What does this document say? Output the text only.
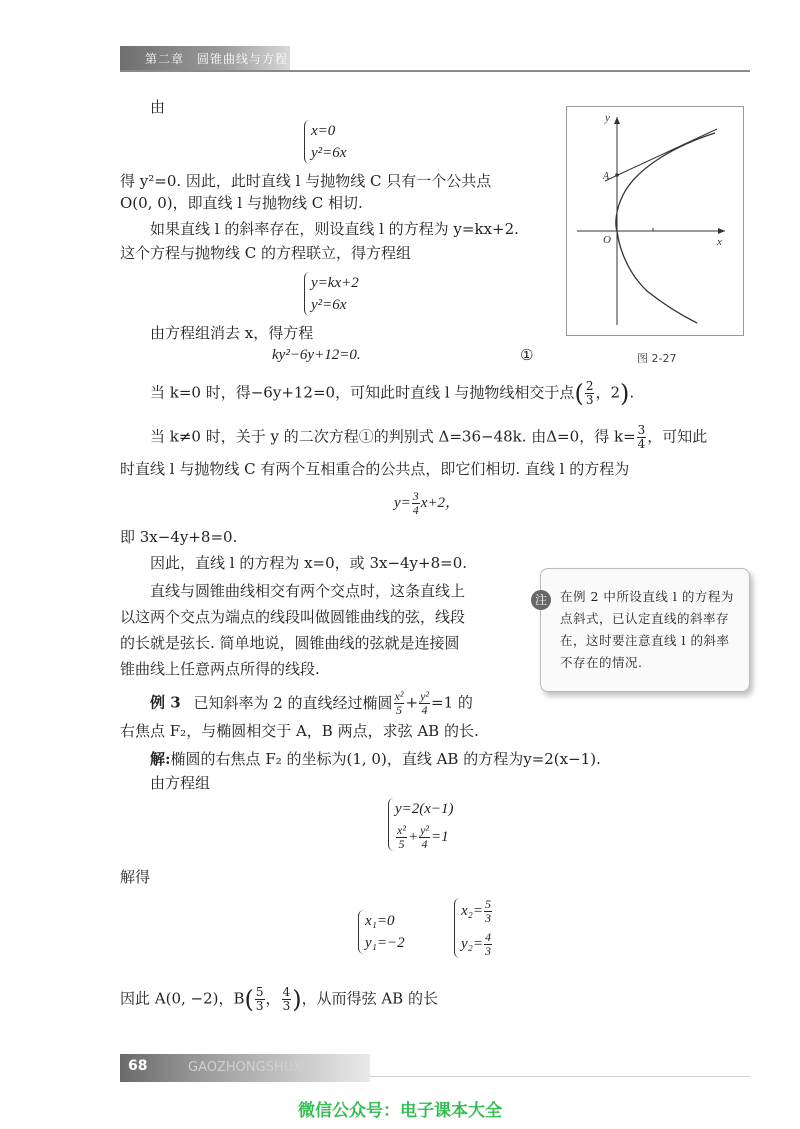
第二章　圆锥曲线与方程
y
x
O
A
图 2-27
由
x=0
y²=6x
得 y²=0. 因此，此时直线 l 与抛物线 C 只有一个公共点
O(0, 0)，即直线 l 与抛物线 C 相切.
如果直线 l 的斜率存在，则设直线 l 的方程为 y=kx+2.
这个方程与抛物线 C 的方程联立，得方程组
y=kx+2
y²=6x
由方程组消去 x，得方程
ky²−6y+12=0.	①
当 k=0 时，得−6y+12=0，可知此时直线 l 与抛物线相交于点( $\frac{2}{3}$ ，2).
当 k≠0 时，关于 y 的二次方程①的判别式 Δ=36−48k. 由Δ=0，得 $k= \frac{3}{4}$ ，可知此
时直线 l 与抛物线 C 有两个互相重合的公共点，即它们相切. 直线 l 的方程为
$y= \frac{3}{4} x+2$，
即 3x−4y+8=0.
因此，直线 l 的方程为 x=0，或 3x−4y+8=0.
直线与圆锥曲线相交有两个交点时，这条直线上
以这两个交点为端点的线段叫做圆锥曲线的弦，线段
的长就是弦长. 简单地说，圆锥曲线的弦就是连接圆
锥曲线上任意两点所得的线段.
注	在例 2 中所设直线 l 的方程为点斜式，已认定直线的斜率存在，这时要注意直线 l 的斜率不存在的情况.
例 3 已知斜率为 2 的直线经过椭圆 $\frac{\text{x²}}{5} + \frac{\text{y²}}{4} =1$ 的
右焦点 F₂，与椭圆相交于 A，B 两点，求弦 AB 的长.
解:椭圆的右焦点 F₂ 的坐标为(1, 0)，直线 AB 的方程为y=2(x−1).
由方程组
y=2(x−1)
$\frac{\text{x²}}{5} + \frac{\text{y²}}{4} =1$
解得
x₁=0
y₁=−2
$x_2= \frac{5}{3}$
$y_2= \frac{4}{3}$
因此 A(0, −2)，$B( \frac{5}{3}$ ， $\frac{4}{3}$ )，从而得弦 AB 的长
68	GAOZHONGSHUXUE
微信公众号：电子课本大全
